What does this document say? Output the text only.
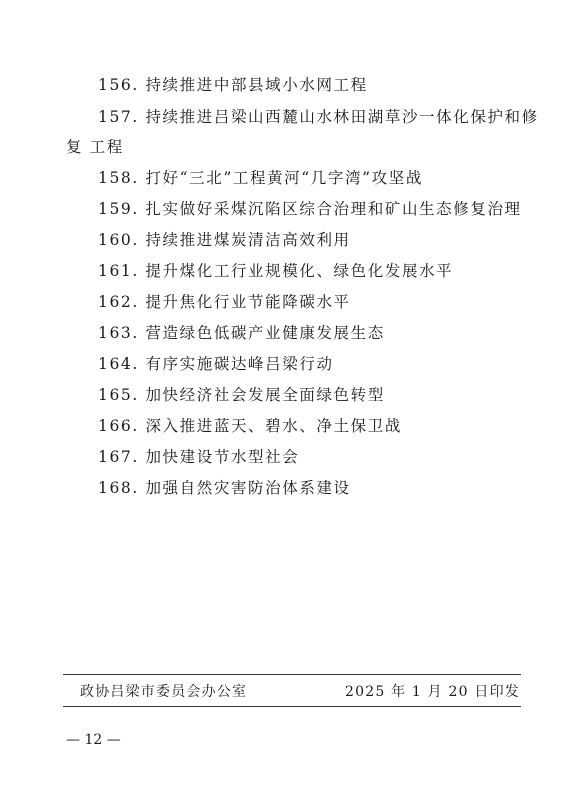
156. 持续推进中部县域小水网工程
157. 持续推进吕梁山西麓山水林田湖草沙一体化保护和修
复 工程
158. 打好“三北”工程黄河“几字湾”攻坚战
159. 扎实做好采煤沉陷区综合治理和矿山生态修复治理
160. 持续推进煤炭清洁高效利用
161. 提升煤化工行业规模化、绿色化发展水平
162. 提升焦化行业节能降碳水平
163. 营造绿色低碳产业健康发展生态
164. 有序实施碳达峰吕梁行动
165. 加快经济社会发展全面绿色转型
166. 深入推进蓝天、碧水、净土保卫战
167. 加快建设节水型社会
168. 加强自然灾害防治体系建设
政协吕梁市委员会办公室	2025 年 1 月 20 日印发
— 12 —
